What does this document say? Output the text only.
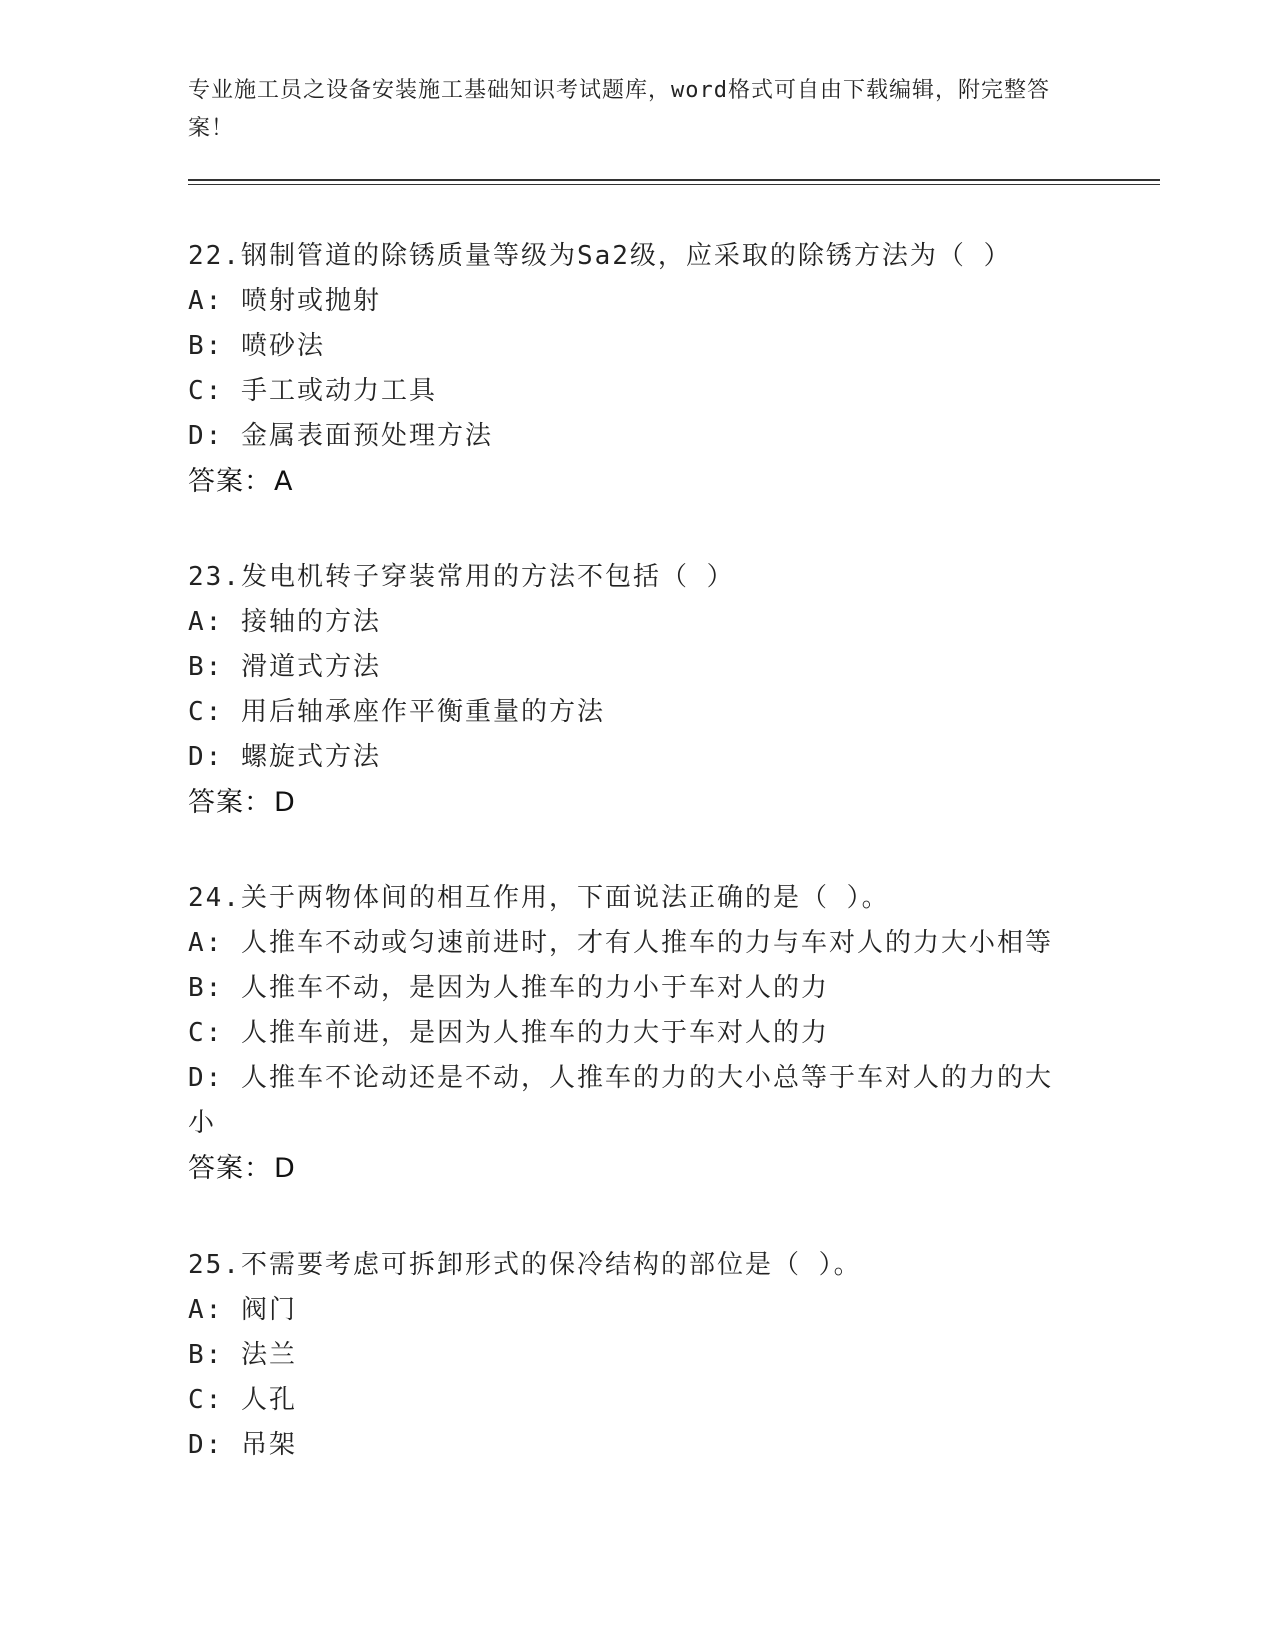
专业施工员之设备安装施工基础知识考试题库，word格式可自由下载编辑，附完整答案！
22.钢制管道的除锈质量等级为Sa2级，应采取的除锈方法为（ ）
A: 喷射或抛射
B: 喷砂法
C: 手工或动力工具
D: 金属表面预处理方法
答案：A
23.发电机转子穿装常用的方法不包括（ ）
A: 接轴的方法
B: 滑道式方法
C: 用后轴承座作平衡重量的方法
D: 螺旋式方法
答案：D
24.关于两物体间的相互作用，下面说法正确的是（ ）。
A: 人推车不动或匀速前进时，才有人推车的力与车对人的力大小相等
B: 人推车不动，是因为人推车的力小于车对人的力
C: 人推车前进，是因为人推车的力大于车对人的力
D: 人推车不论动还是不动，人推车的力的大小总等于车对人的力的大小
答案：D
25.不需要考虑可拆卸形式的保冷结构的部位是（ ）。
A: 阀门
B: 法兰
C: 人孔
D: 吊架
